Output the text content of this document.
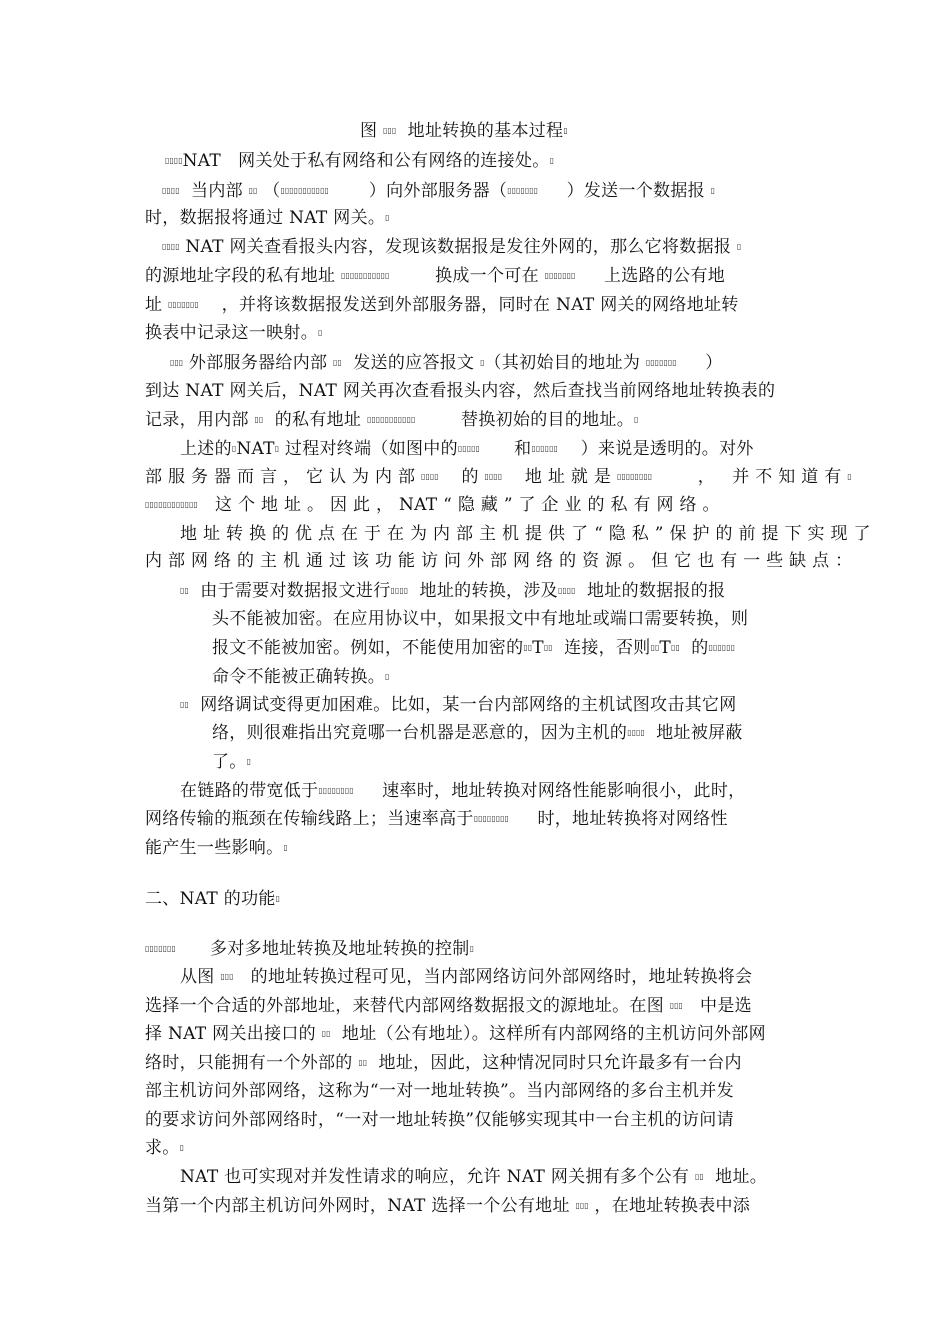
图 ▯▯▯  地址转换的基本过程▯
▯▯▯▯NAT   网关处于私有网络和公有网络的连接处。▯
▯▯▯▯  当内部 ▯▯ （▯▯▯▯▯▯▯▯▯▯▯       ）向外部服务器（▯▯▯▯▯▯▯     ）发送一个数据报 ▯
时，数据报将通过 NAT 网关。▯
▯▯▯▯ NAT 网关查看报头内容，发现该数据报是发往外网的，那么它将数据报 ▯
的源地址字段的私有地址 ▯▯▯▯▯▯▯▯▯▯▯        换成一个可在 ▯▯▯▯▯▯▯     上选路的公有地
址 ▯▯▯▯▯▯▯    ，并将该数据报发送到外部服务器，同时在 NAT 网关的网络地址转
换表中记录这一映射。▯
▯▯▯ 外部服务器给内部 ▯▯  发送的应答报文 ▯（其初始目的地址为 ▯▯▯▯▯▯▯     ）
到达 NAT 网关后，NAT 网关再次查看报头内容，然后查找当前网络地址转换表的
记录，用内部 ▯▯  的私有地址 ▯▯▯▯▯▯▯▯▯▯▯        替换初始的目的地址。▯
上述的▯NAT▯ 过程对终端（如图中的▯▯▯▯▯      和▯▯▯▯▯▯    ）来说是透明的。对外
部 服 务 器 而 言 ， 它 认 为 内 部 ▯▯▯▯    的 ▯▯▯▯    地 址 就 是 ▯▯▯▯▯▯▯▯        ，   并 不 知 道 有 ▯
▯▯▯▯▯▯▯▯▯▯▯▯   这 个 地 址 。 因 此 ， NAT “ 隐 藏 ” 了 企 业 的 私 有 网 络 。
地 址 转 换 的 优 点 在 于 在 为 内 部 主 机 提 供 了 “ 隐 私 ” 保 护 的 前 提 下 实 现 了
内 部 网 络 的 主 机 通 过 该 功 能 访 问 外 部 网 络 的 资 源 。 但 它 也 有 一 些 缺 点 ：
▯▯  由于需要对数据报文进行▯▯▯▯  地址的转换，涉及▯▯▯▯  地址的数据报的报
头不能被加密。在应用协议中，如果报文中有地址或端口需要转换，则
报文不能被加密。例如，不能使用加密的▯▯T▯▯  连接，否则▯▯T▯▯  的▯▯▯▯▯▯
命令不能被正确转换。▯
▯▯  网络调试变得更加困难。比如，某一台内部网络的主机试图攻击其它网
络，则很难指出究竟哪一台机器是恶意的，因为主机的▯▯▯▯  地址被屏蔽
了。▯
在链路的带宽低于▯▯▯▯▯▯▯▯     速率时，地址转换对网络性能影响很小，此时，
网络传输的瓶颈在传输线路上；当速率高于▯▯▯▯▯▯▯▯     时，地址转换将对网络性
能产生一些影响。▯
二、NAT 的功能▯
▯▯▯▯▯▯▯      多对多地址转换及地址转换的控制▯
从图 ▯▯▯   的地址转换过程可见，当内部网络访问外部网络时，地址转换将会
选择一个合适的外部地址，来替代内部网络数据报文的源地址。在图 ▯▯▯   中是选
择 NAT 网关出接口的 ▯▯  地址（公有地址）。这样所有内部网络的主机访问外部网
络时，只能拥有一个外部的 ▯▯  地址，因此，这种情况同时只允许最多有一台内
部主机访问外部网络，这称为“一对一地址转换”。当内部网络的多台主机并发
的要求访问外部网络时，“一对一地址转换”仅能够实现其中一台主机的访问请
求。▯
NAT 也可实现对并发性请求的响应，允许 NAT 网关拥有多个公有 ▯▯  地址。
当第一个内部主机访问外网时，NAT 选择一个公有地址 ▯▯▯ ，在地址转换表中添
